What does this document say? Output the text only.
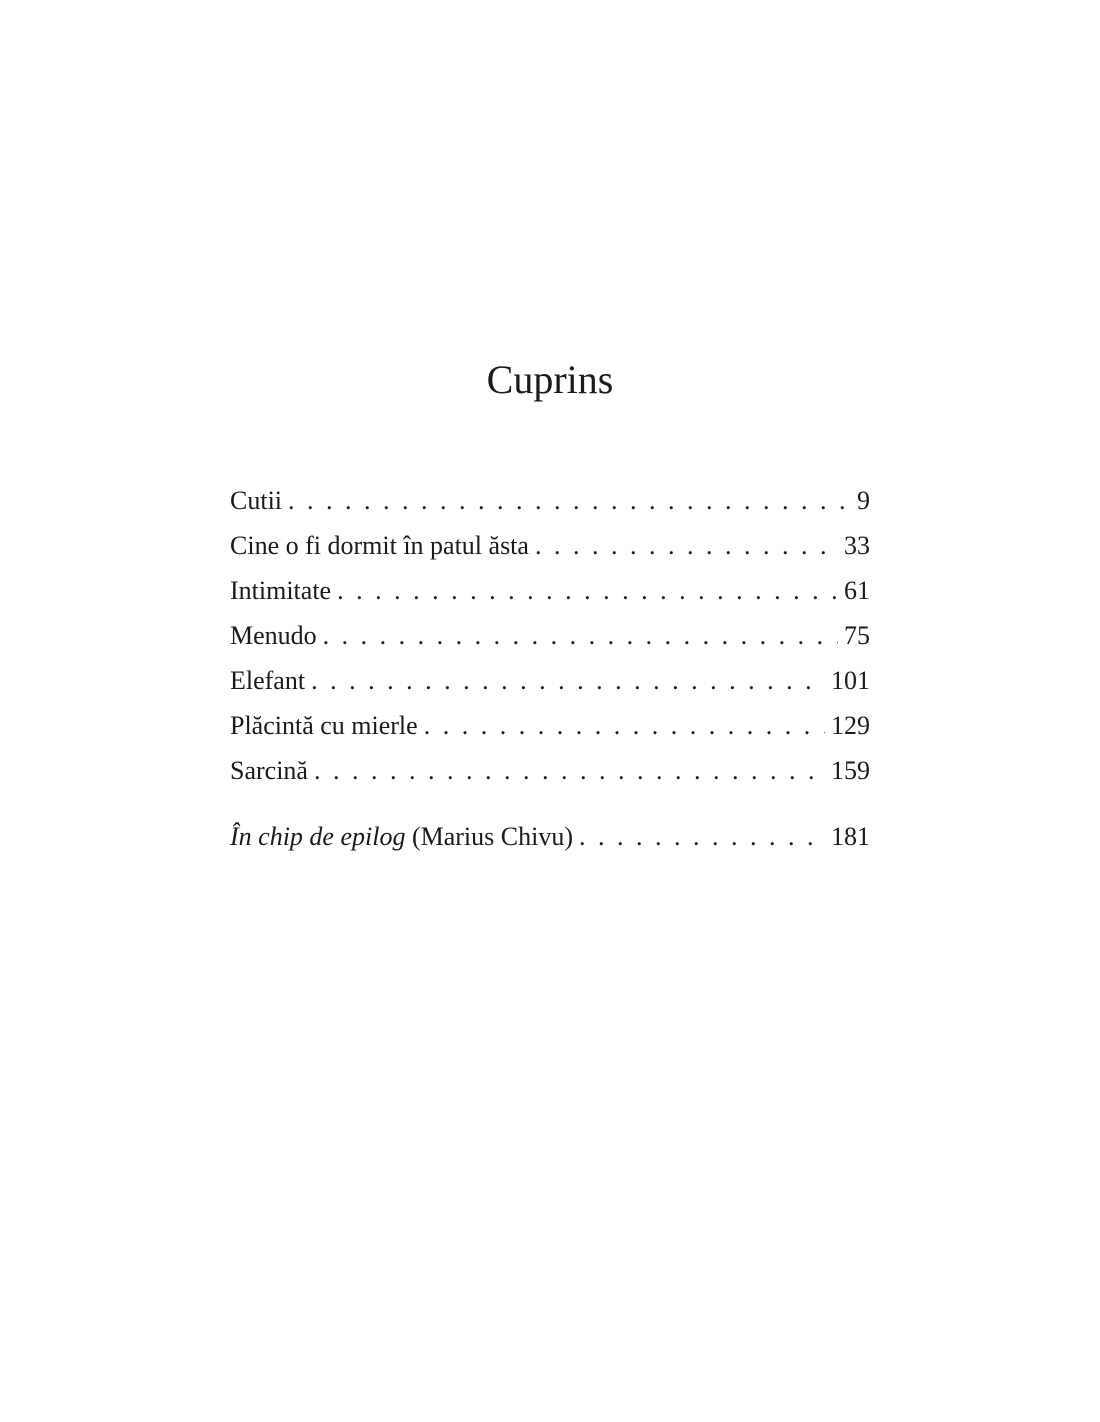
Cuprins
Cutii . . .	9
Cine o fi dormit în patul ăsta . . .	33
Intimitate . . .	61
Menudo . . .	75
Elefant . . .	101
Plăcintă cu mierle . . .	129
Sarcină . . .	159
În chip de epilog (Marius Chivu) . . .	181
